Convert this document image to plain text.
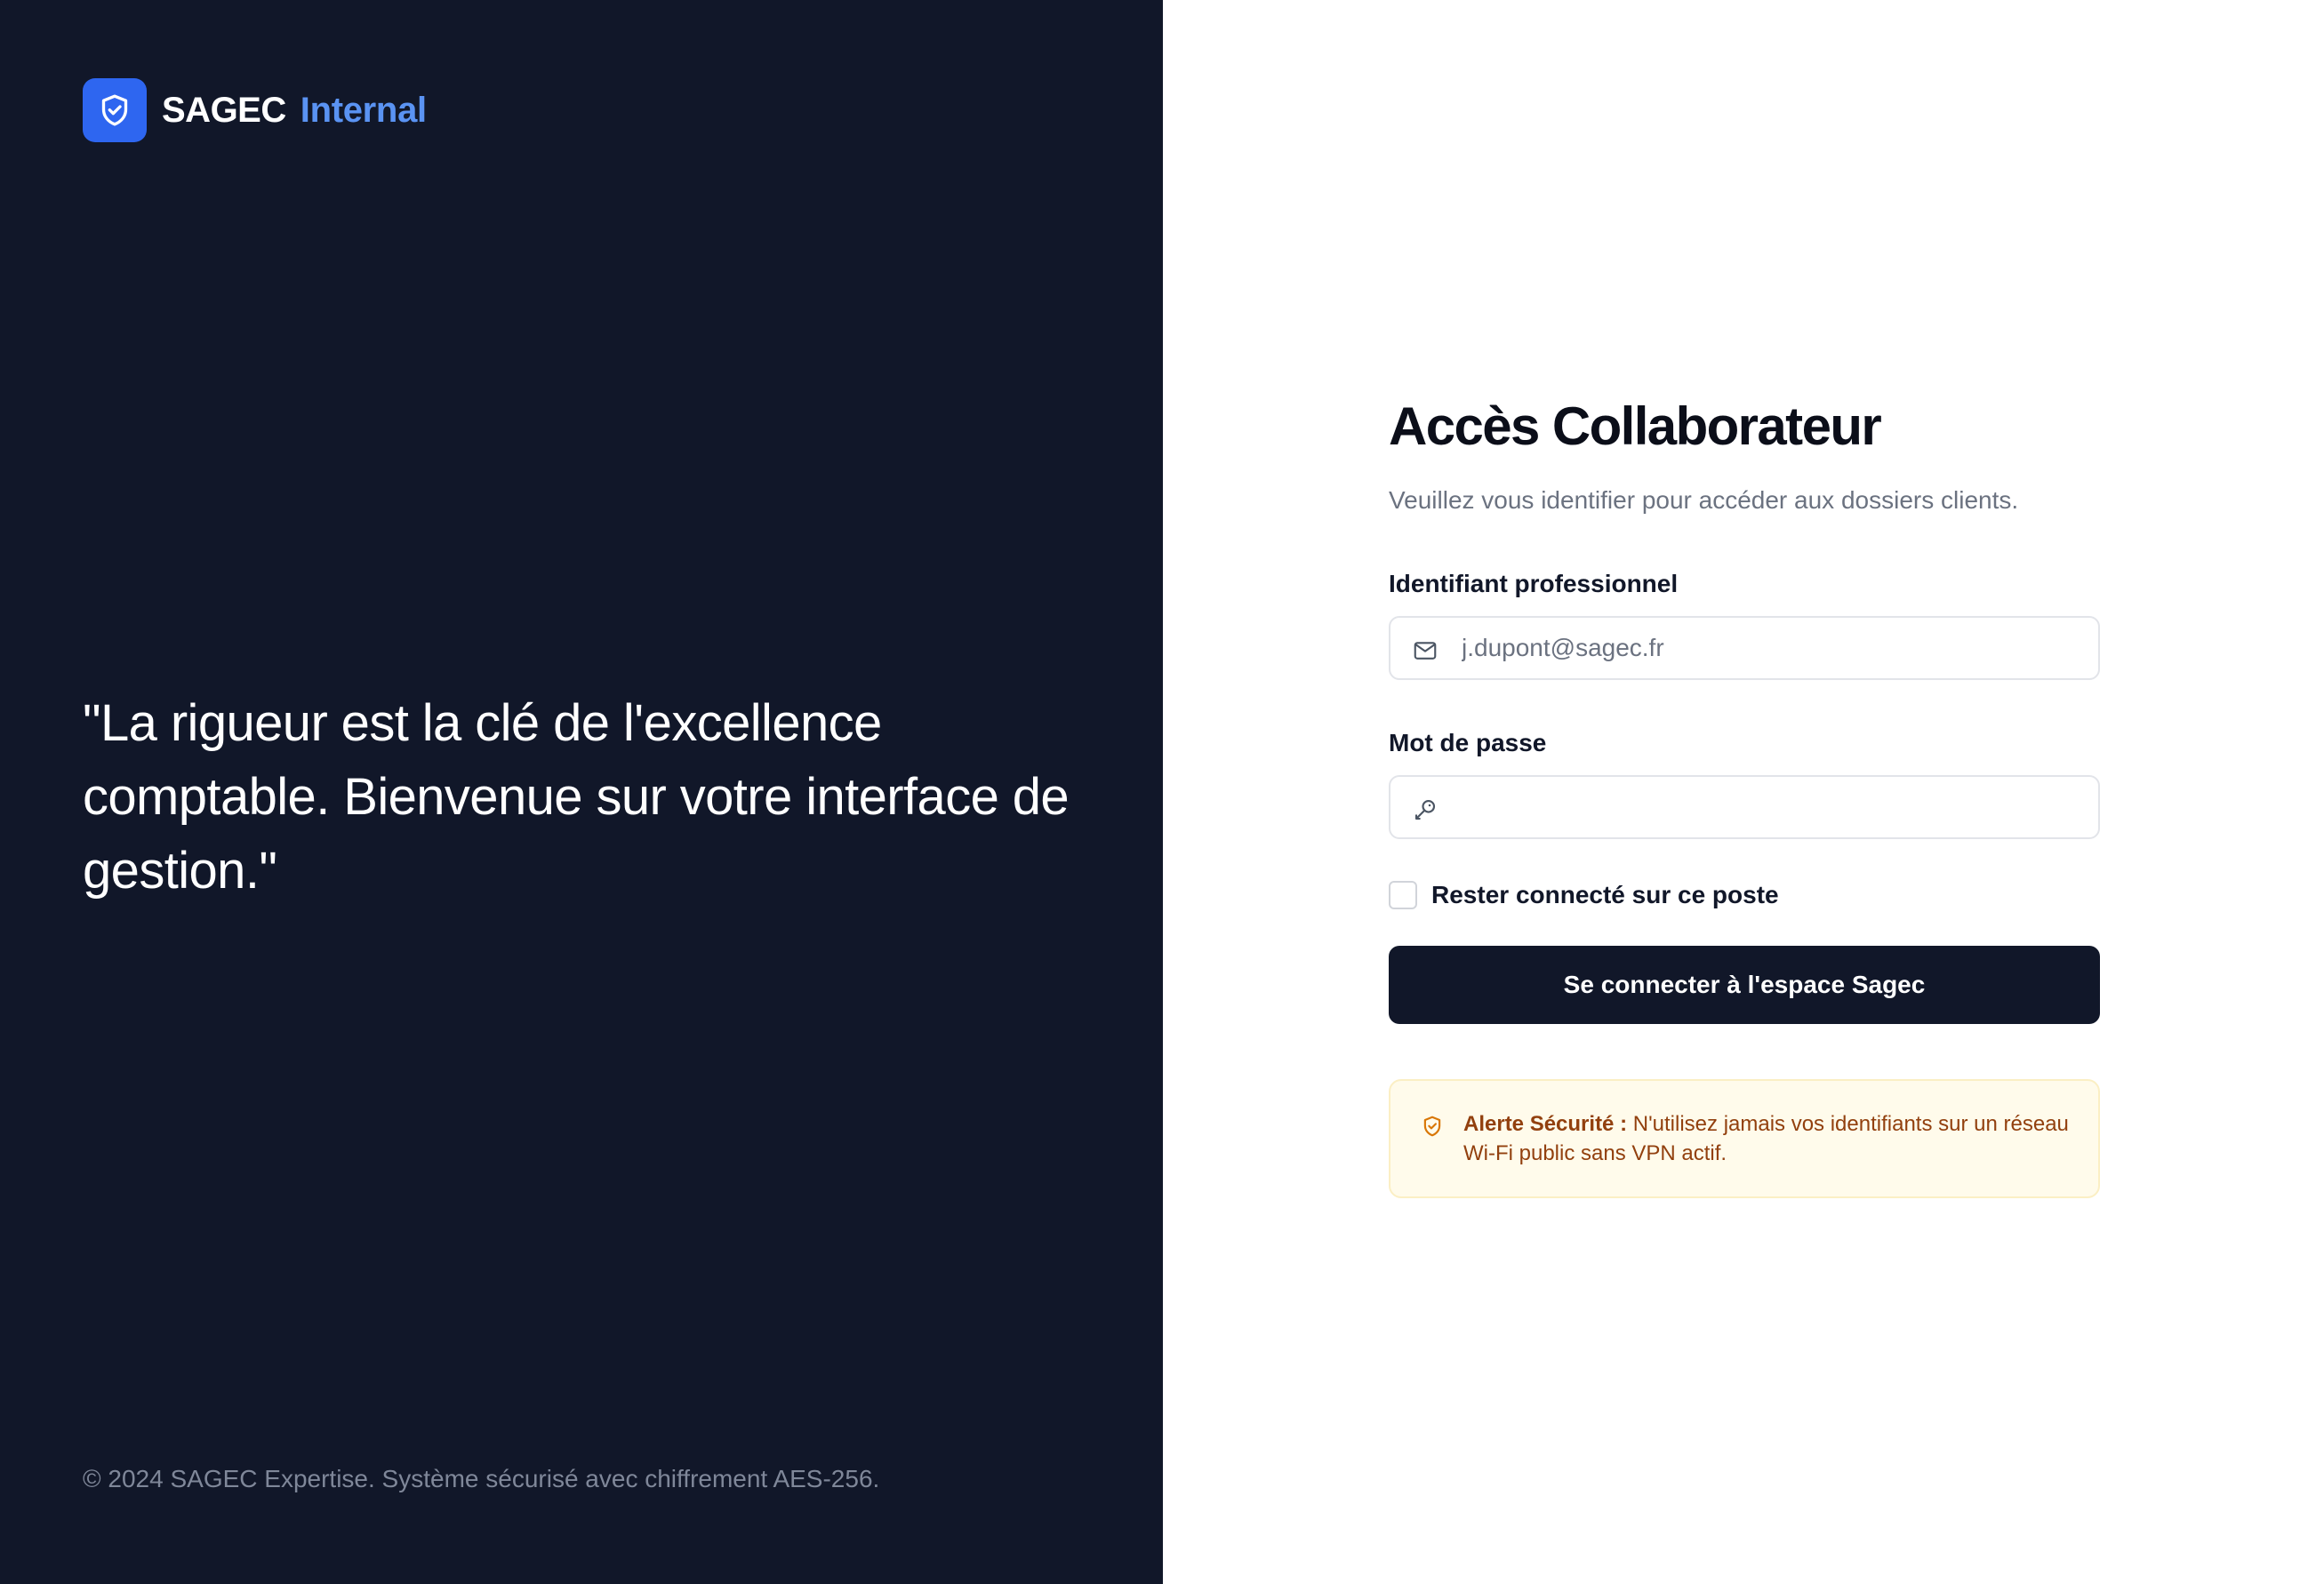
SAGEC Internal

"La rigueur est la clé de l'excellence comptable. Bienvenue sur votre interface de gestion."

© 2024 SAGEC Expertise. Système sécurisé avec chiffrement AES-256.

Accès Collaborateur

Veuillez vous identifier pour accéder aux dossiers clients.

Identifiant professionnel
j.dupont@sagec.fr
Mot de passe
Rester connecté sur ce poste
Se connecter à l'espace Sagec

Alerte Sécurité : N'utilisez jamais vos identifiants sur un réseau Wi-Fi public sans VPN actif.
